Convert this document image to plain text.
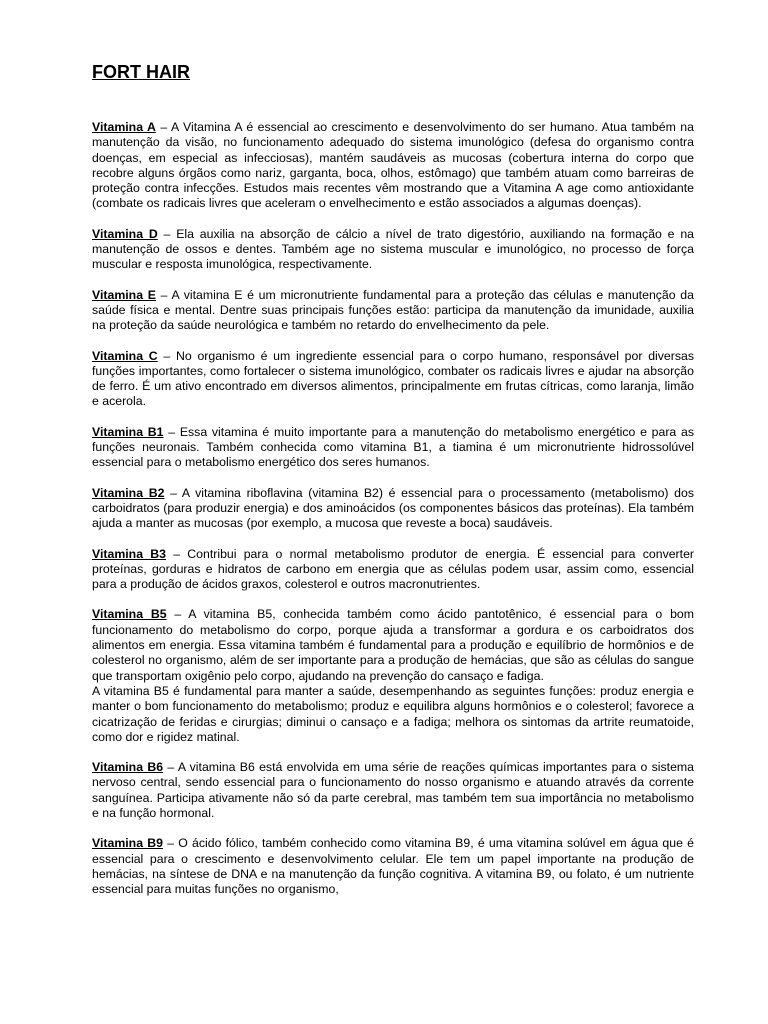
FORT HAIR

Vitamina A – A Vitamina A é essencial ao crescimento e desenvolvimento do ser humano. Atua também na manutenção da visão, no funcionamento adequado do sistema imunológico (defesa do organismo contra doenças, em especial as infecciosas), mantém saudáveis as mucosas (cobertura interna do corpo que recobre alguns órgãos como nariz, garganta, boca, olhos, estômago) que também atuam como barreiras de proteção contra infecções. Estudos mais recentes vêm mostrando que a Vitamina A age como antioxidante (combate os radicais livres que aceleram o envelhecimento e estão associados a algumas doenças).

Vitamina D – Ela auxilia na absorção de cálcio a nível de trato digestório, auxiliando na formação e na manutenção de ossos e dentes. Também age no sistema muscular e imunológico, no processo de força muscular e resposta imunológica, respectivamente.

Vitamina E – A vitamina E é um micronutriente fundamental para a proteção das células e manutenção da saúde física e mental. Dentre suas principais funções estão: participa da manutenção da imunidade, auxilia na proteção da saúde neurológica e também no retardo do envelhecimento da pele.

Vitamina C – No organismo é um ingrediente essencial para o corpo humano, responsável por diversas funções importantes, como fortalecer o sistema imunológico, combater os radicais livres e ajudar na absorção de ferro. É um ativo encontrado em diversos alimentos, principalmente em frutas cítricas, como laranja, limão e acerola.

Vitamina B1 – Essa vitamina é muito importante para a manutenção do metabolismo energético e para as funções neuronais. Também conhecida como vitamina B1, a tiamina é um micronutriente hidrossolúvel essencial para o metabolismo energético dos seres humanos.

Vitamina B2 – A vitamina riboflavina (vitamina B2) é essencial para o processamento (metabolismo) dos carboidratos (para produzir energia) e dos aminoácidos (os componentes básicos das proteínas). Ela também ajuda a manter as mucosas (por exemplo, a mucosa que reveste a boca) saudáveis.

Vitamina B3 – Contribui para o normal metabolismo produtor de energia. É essencial para converter proteínas, gorduras e hidratos de carbono em energia que as células podem usar, assim como, essencial para a produção de ácidos graxos, colesterol e outros macronutrientes.

Vitamina B5 – A vitamina B5, conhecida também como ácido pantotênico, é essencial para o bom funcionamento do metabolismo do corpo, porque ajuda a transformar a gordura e os carboidratos dos alimentos em energia. Essa vitamina também é fundamental para a produção e equilíbrio de hormônios e de colesterol no organismo, além de ser importante para a produção de hemácias, que são as células do sangue que transportam oxigênio pelo corpo, ajudando na prevenção do cansaço e fadiga.

A vitamina B5 é fundamental para manter a saúde, desempenhando as seguintes funções: produz energia e manter o bom funcionamento do metabolismo; produz e equilibra alguns hormônios e o colesterol; favorece a cicatrização de feridas e cirurgias; diminui o cansaço e a fadiga; melhora os sintomas da artrite reumatoide, como dor e rigidez matinal.

Vitamina B6 – A vitamina B6 está envolvida em uma série de reações químicas importantes para o sistema nervoso central, sendo essencial para o funcionamento do nosso organismo e atuando através da corrente sanguínea. Participa ativamente não só da parte cerebral, mas também tem sua importância no metabolismo e na função hormonal.

Vitamina B9 – O ácido fólico, também conhecido como vitamina B9, é uma vitamina solúvel em água que é essencial para o crescimento e desenvolvimento celular. Ele tem um papel importante na produção de hemácias, na síntese de DNA e na manutenção da função cognitiva. A vitamina B9, ou folato, é um nutriente essencial para muitas funções no organismo,
